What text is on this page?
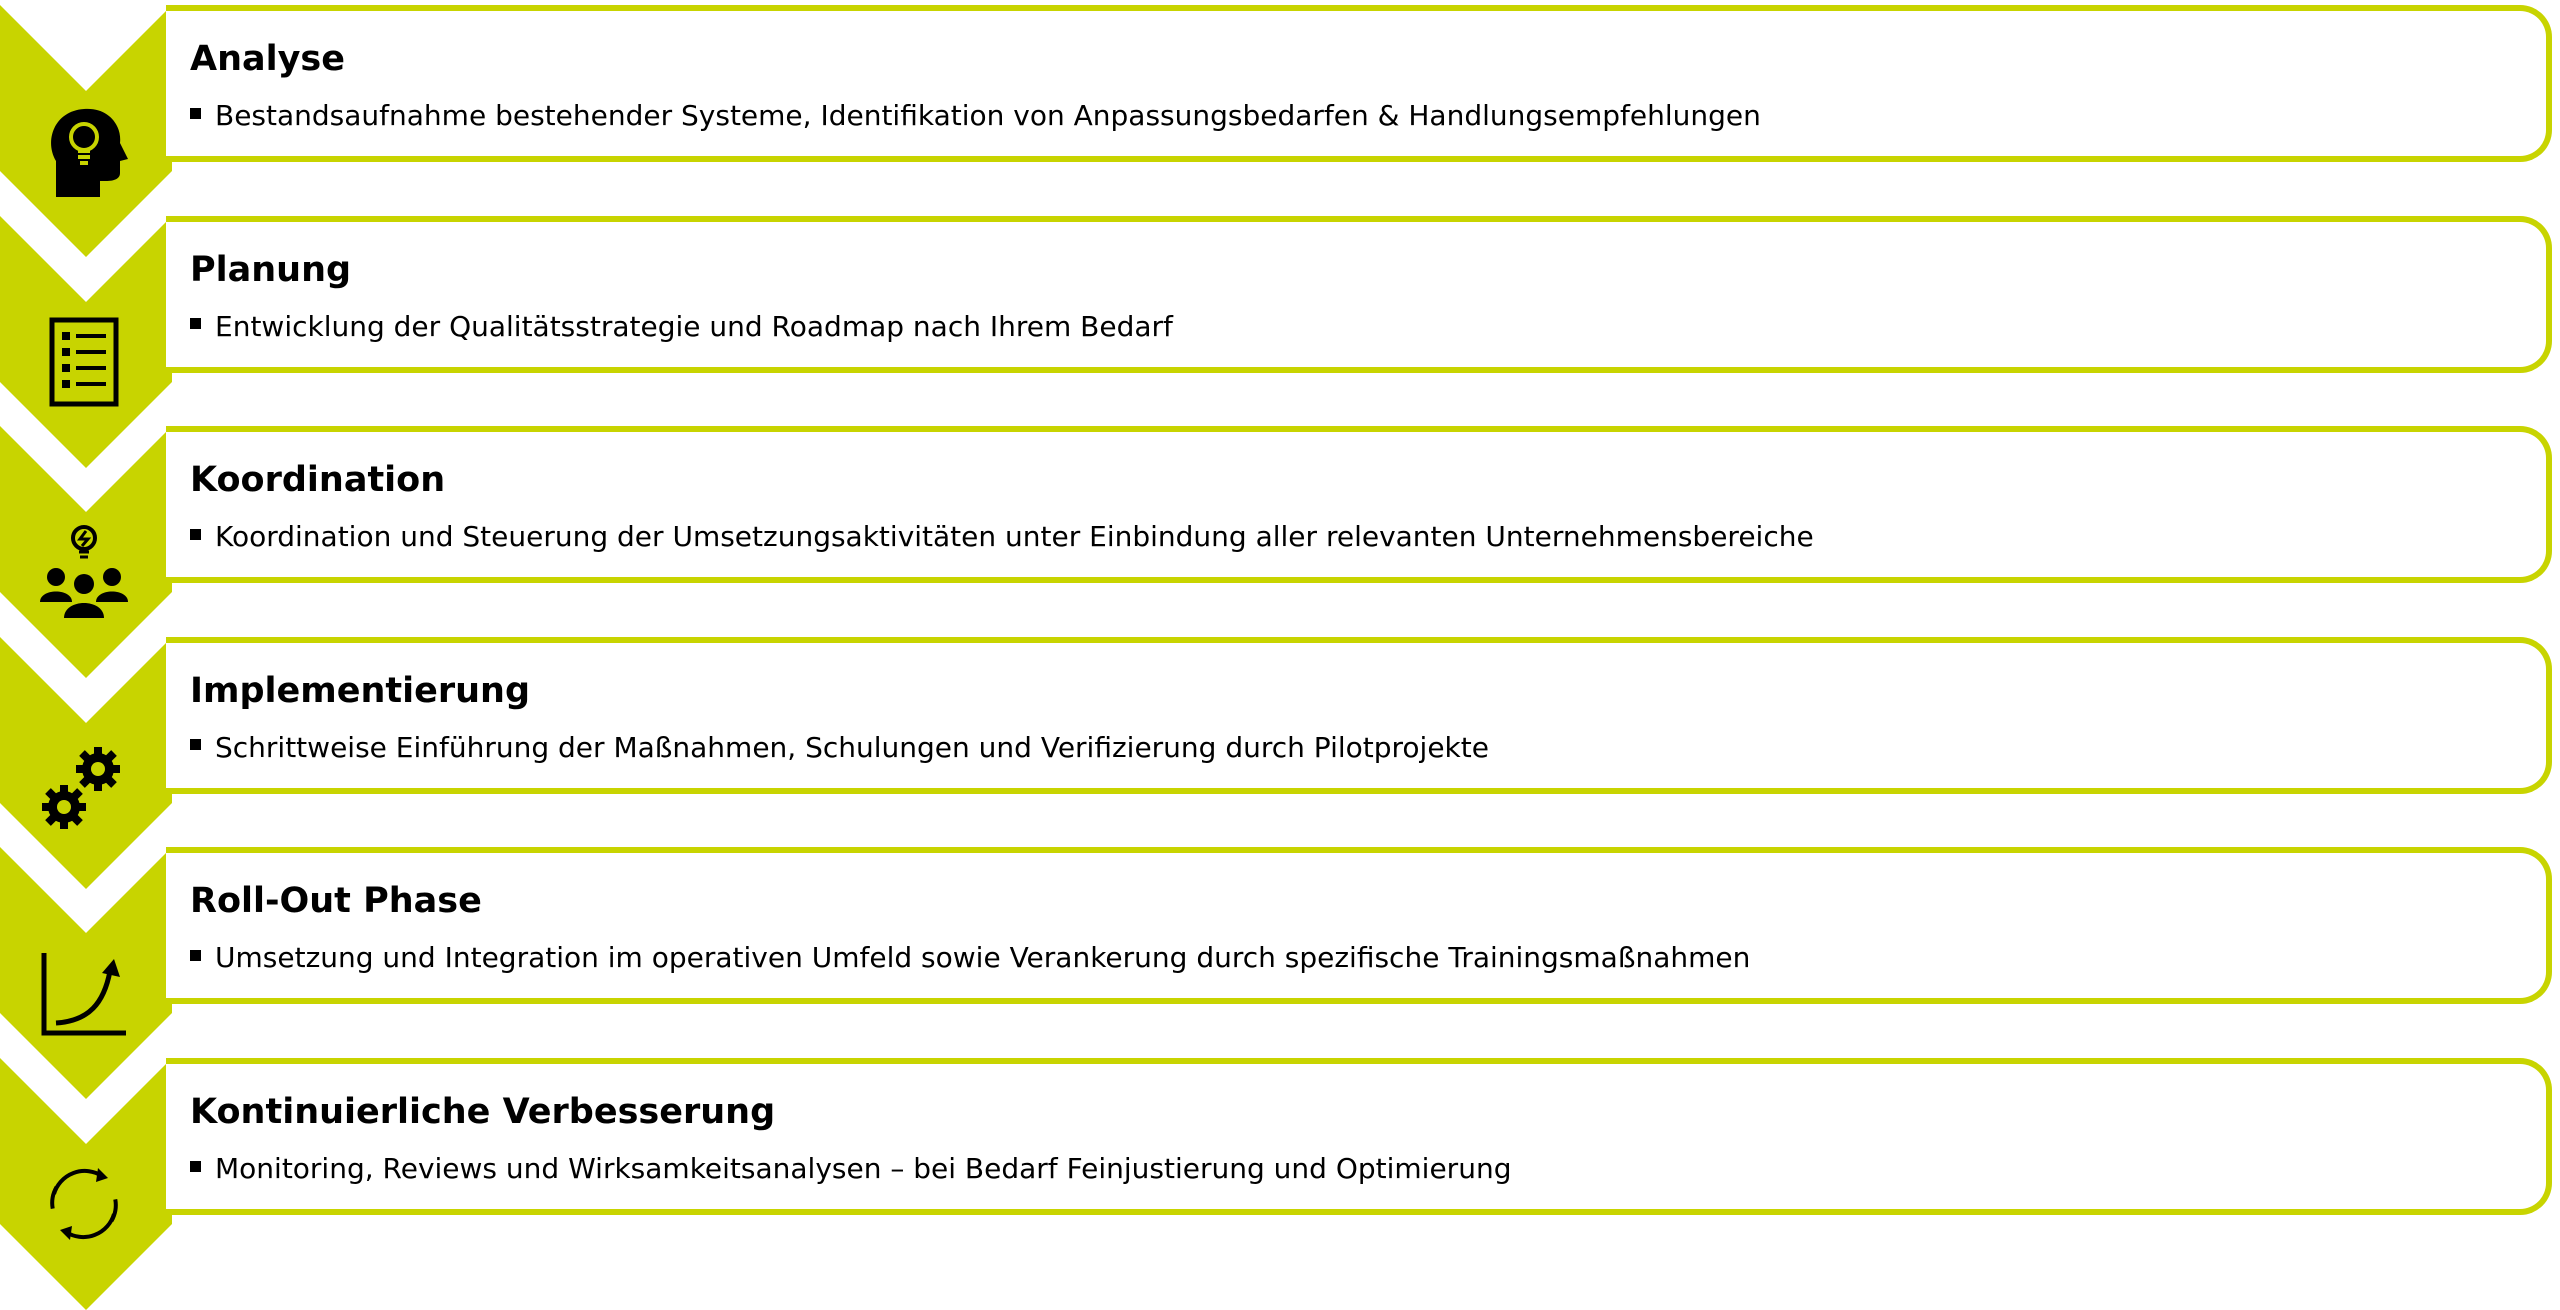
Analyse
Bestandsaufnahme bestehender Systeme, Identifikation von Anpassungsbedarfen & Handlungsempfehlungen
Planung
Entwicklung der Qualitätsstrategie und Roadmap nach Ihrem Bedarf
Koordination
Koordination und Steuerung der Umsetzungsaktivitäten unter Einbindung aller relevanten Unternehmensbereiche
Implementierung
Schrittweise Einführung der Maßnahmen, Schulungen und Verifizierung durch Pilotprojekte
Roll-Out Phase
Umsetzung und Integration im operativen Umfeld sowie Verankerung durch spezifische Trainingsmaßnahmen
Kontinuierliche Verbesserung
Monitoring, Reviews und Wirksamkeitsanalysen – bei Bedarf Feinjustierung und Optimierung
